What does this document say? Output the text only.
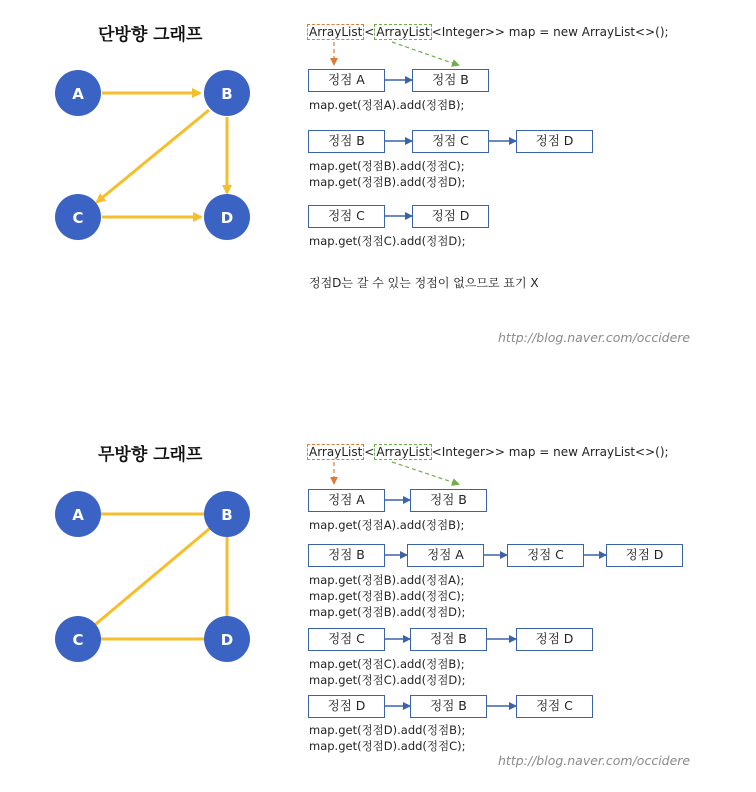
단방향 그래프
A	B
C	D
ArrayList < ArrayList <Integer>> map = new ArrayList<>();
정점 A	정점 B
map.get(정점A).add(정점B);
정점 B	정점 C	정점 D
map.get(정점B).add(정점C);
map.get(정점B).add(정점D);
정점 C	정점 D
map.get(정점C).add(정점D);
정점D는 갈 수 있는 정점이 없으므로 표기 X
http://blog.naver.com/occidere
무방향 그래프
A	B
C	D
ArrayList < ArrayList <Integer>> map = new ArrayList<>();
정점 A	정점 B
map.get(정점A).add(정점B);
정점 B	정점 A	정점 C	정점 D
map.get(정점B).add(정점A);
map.get(정점B).add(정점C);
map.get(정점B).add(정점D);
정점 C	정점 B	정점 D
map.get(정점C).add(정점B);
map.get(정점C).add(정점D);
정점 D	정점 B	정점 C
map.get(정점D).add(정점B);
map.get(정점D).add(정점C);
http://blog.naver.com/occidere
